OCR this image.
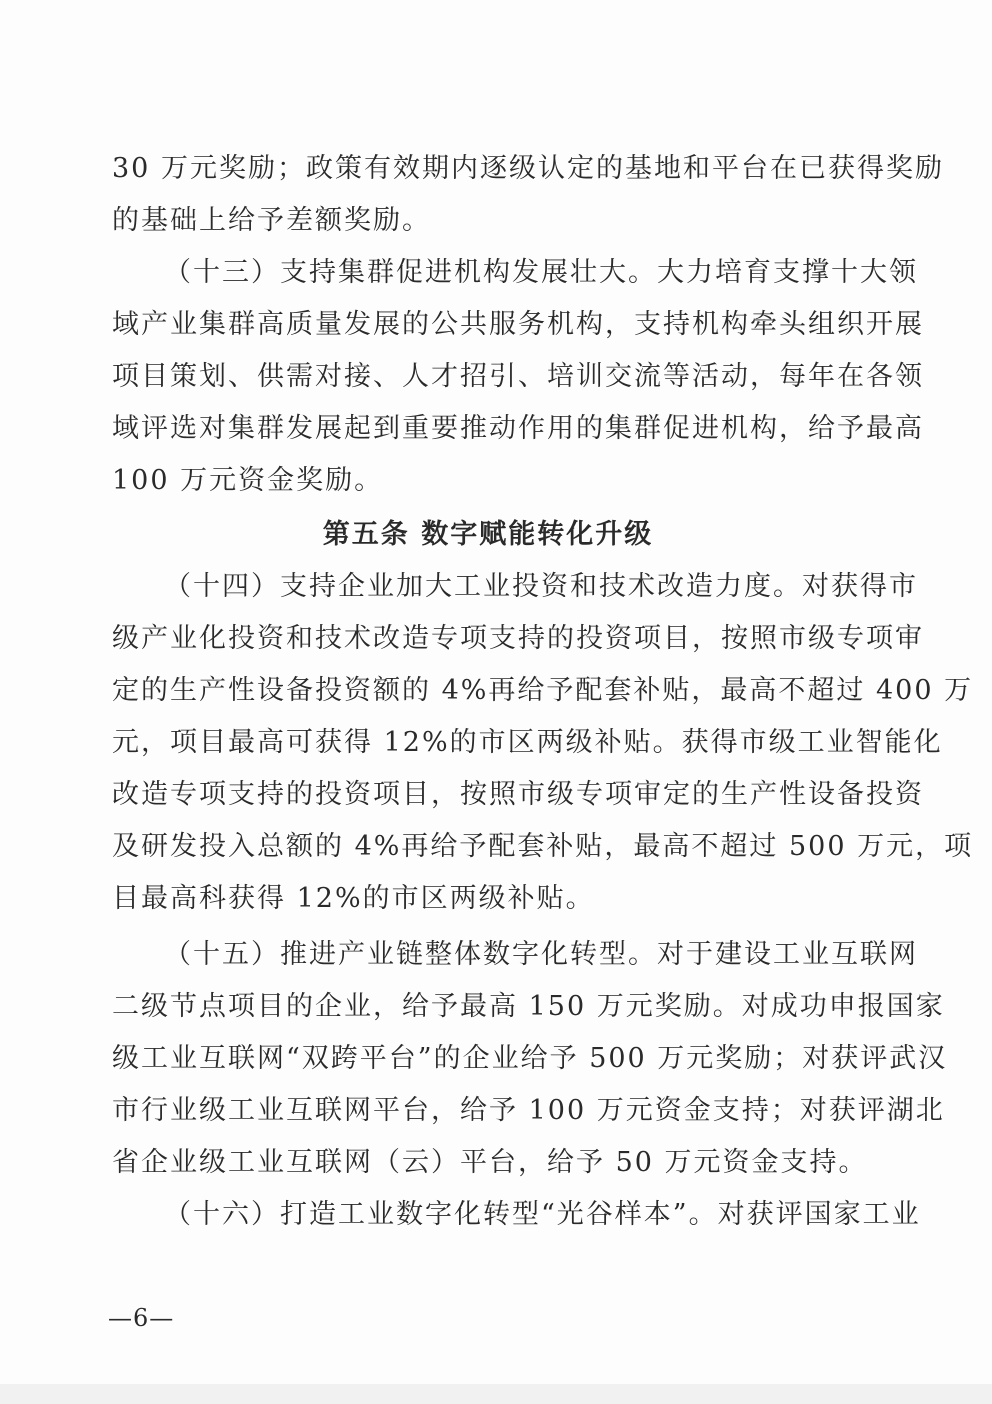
30 万元奖励；政策有效期内逐级认定的基地和平台在已获得奖励
的基础上给予差额奖励。
（十三）支持集群促进机构发展壮大。大力培育支撑十大领
域产业集群高质量发展的公共服务机构，支持机构牵头组织开展
项目策划、供需对接、人才招引、培训交流等活动，每年在各领
域评选对集群发展起到重要推动作用的集群促进机构，给予最高
100 万元资金奖励。
第五条 数字赋能转化升级
（十四）支持企业加大工业投资和技术改造力度。对获得市
级产业化投资和技术改造专项支持的投资项目，按照市级专项审
定的生产性设备投资额的 4%再给予配套补贴，最高不超过 400 万
元，项目最高可获得 12%的市区两级补贴。获得市级工业智能化
改造专项支持的投资项目，按照市级专项审定的生产性设备投资
及研发投入总额的 4%再给予配套补贴，最高不超过 500 万元，项
目最高科获得 12%的市区两级补贴。
（十五）推进产业链整体数字化转型。对于建设工业互联网
二级节点项目的企业，给予最高 150 万元奖励。对成功申报国家
级工业互联网“双跨平台”的企业给予 500 万元奖励；对获评武汉
市行业级工业互联网平台，给予 100 万元资金支持；对获评湖北
省企业级工业互联网（云）平台，给予 50 万元资金支持。
（十六）打造工业数字化转型“光谷样本”。对获评国家工业
—6—
